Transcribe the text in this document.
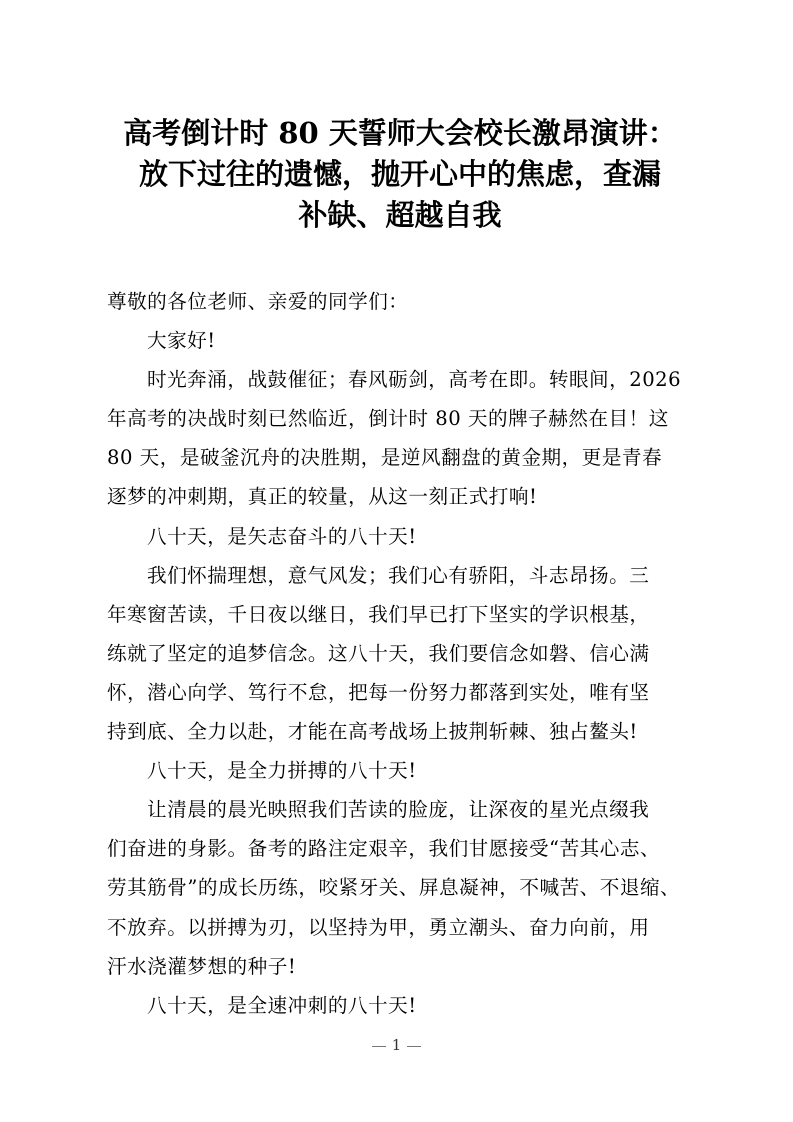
高考倒计时 80 天誓师大会校长激昂演讲：
放下过往的遗憾，抛开心中的焦虑，查漏
补缺、超越自我

尊敬的各位老师、亲爱的同学们：

大家好!

时光奔涌，战鼓催征；春风砺剑，高考在即。转眼间，2026
年高考的决战时刻已然临近，倒计时 80 天的牌子赫然在目！这
80 天，是破釜沉舟的决胜期，是逆风翻盘的黄金期，更是青春
逐梦的冲刺期，真正的较量，从这一刻正式打响!

八十天，是矢志奋斗的八十天!

我们怀揣理想，意气风发；我们心有骄阳，斗志昂扬。三
年寒窗苦读，千日夜以继日，我们早已打下坚实的学识根基，
练就了坚定的追梦信念。这八十天，我们要信念如磐、信心满
怀，潜心向学、笃行不怠，把每一份努力都落到实处，唯有坚
持到底、全力以赴，才能在高考战场上披荆斩棘、独占鳌头!

八十天，是全力拼搏的八十天!

让清晨的晨光映照我们苦读的脸庞，让深夜的星光点缀我
们奋进的身影。备考的路注定艰辛，我们甘愿接受“苦其心志、
劳其筋骨”的成长历练，咬紧牙关、屏息凝神，不喊苦、不退缩、
不放弃。以拼搏为刃，以坚持为甲，勇立潮头、奋力向前，用
汗水浇灌梦想的种子!

八十天，是全速冲刺的八十天!

1
